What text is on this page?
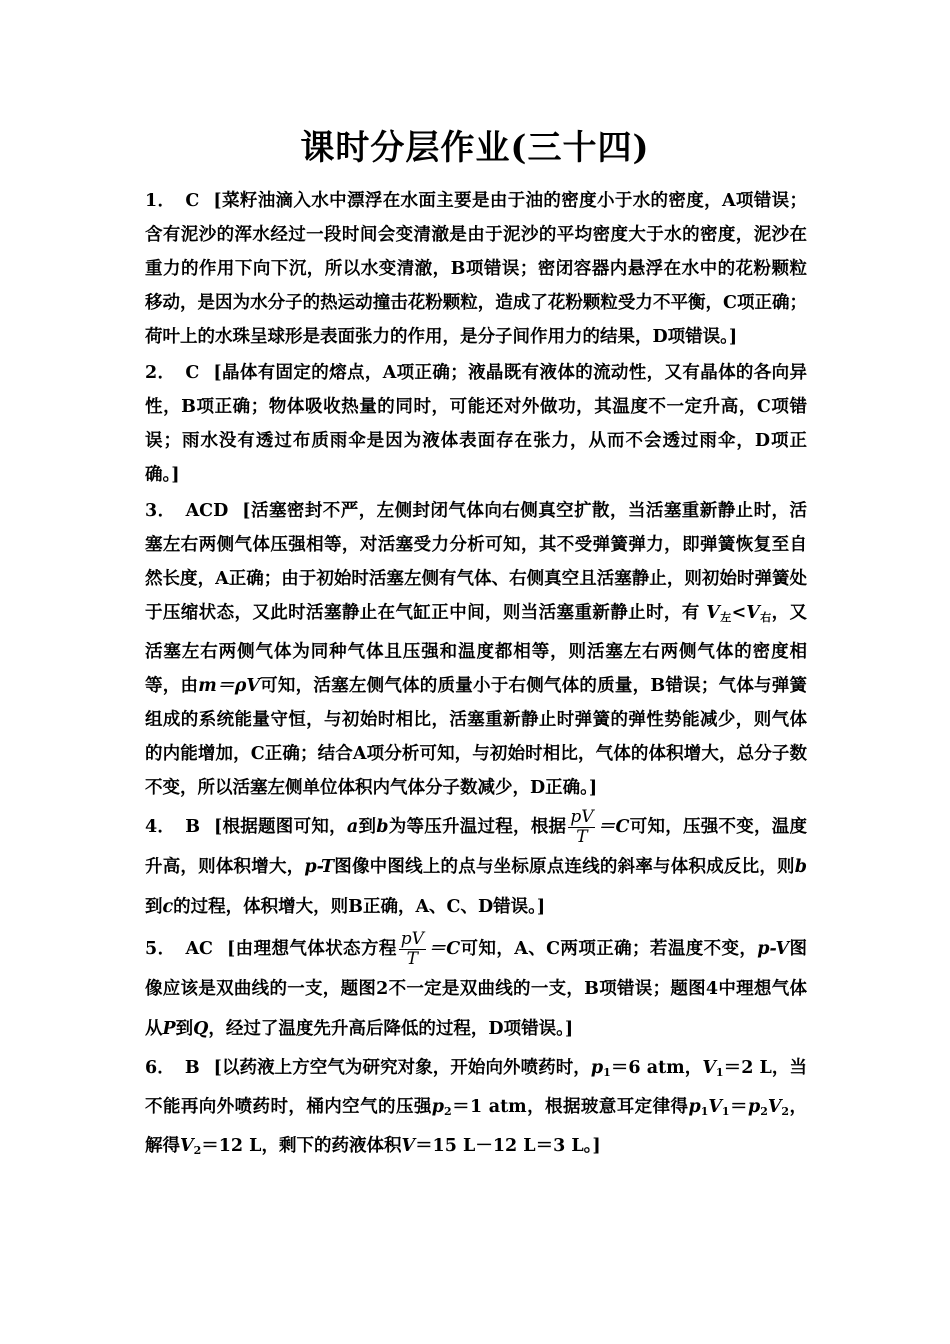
课时分层作业(三十四)
1． C [菜籽油滴入水中漂浮在水面主要是由于油的密度小于水的密度，A项错误；含有泥沙的浑水经过一段时间会变清澈是由于泥沙的平均密度大于水的密度，泥沙在重力的作用下向下沉，所以水变清澈，B项错误；密闭容器内悬浮在水中的花粉颗粒移动，是因为水分子的热运动撞击花粉颗粒，造成了花粉颗粒受力不平衡，C项正确；荷叶上的水珠呈球形是表面张力的作用，是分子间作用力的结果，D项错误。]
2． C [晶体有固定的熔点，A项正确；液晶既有液体的流动性，又有晶体的各向异性，B项正确；物体吸收热量的同时，可能还对外做功，其温度不一定升高，C项错误；雨水没有透过布质雨伞是因为液体表面存在张力，从而不会透过雨伞，D项正确。]
3． ACD [活塞密封不严，左侧封闭气体向右侧真空扩散，当活塞重新静止时，活塞左右两侧气体压强相等，对活塞受力分析可知，其不受弹簧弹力，即弹簧恢复至自然长度，A正确；由于初始时活塞左侧有气体、右侧真空且活塞静止，则初始时弹簧处于压缩状态，又此时活塞静止在气缸正中间，则当活塞重新静止时，有 $V_左<V_右$，又活塞左右两侧气体为同种气体且压强和温度都相等，则活塞左右两侧气体的密度相等，由m＝ρV可知，活塞左侧气体的质量小于右侧气体的质量，B错误；气体与弹簧组成的系统能量守恒，与初始时相比，活塞重新静止时弹簧的弹性势能减少，则气体的内能增加，C正确；结合A项分析可知，与初始时相比，气体的体积增大，总分子数不变，所以活塞左侧单位体积内气体分子数减少，D正确。]
4． B [根据题图可知，a到b为等压升温过程，根据 $\frac{pV}{T} =C$可知，压强不变，温度升高，则体积增大，p-T图像中图线上的点与坐标原点连线的斜率与体积成反比，则b到c的过程，体积增大，则B正确，A、C、D错误。]
5． AC [由理想气体状态方程 $\frac{pV}{T} =C$可知，A、C两项正确；若温度不变，p-V图像应该是双曲线的一支，题图2不一定是双曲线的一支，B项错误；题图4中理想气体从P到Q，经过了温度先升高后降低的过程，D项错误。]
6． B [以药液上方空气为研究对象，开始向外喷药时，$p_1=6$ atm，$V_1=2$ L，当不能再向外喷药时，桶内空气的压强$p_2=1$ atm，根据玻意耳定律得$p_1V_1=p_2V_2$，解得$V_2=12$ L，剩下的药液体积V＝15 L－12 L＝3 L。]
